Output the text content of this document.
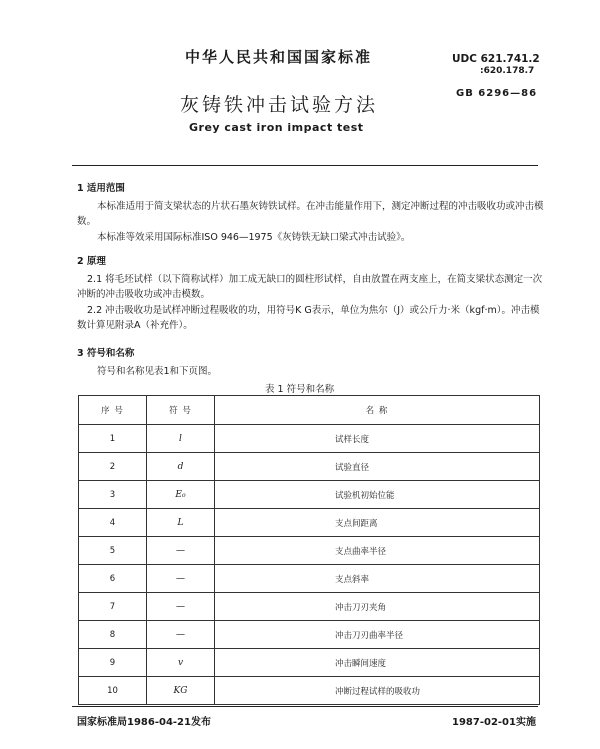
中华人民共和国国家标准	UDC 621.741.2
:620.178.7
GB 6296—86
灰铸铁冲击试验方法
Grey cast iron impact test
1 适用范围
本标准适用于简支梁状态的片状石墨灰铸铁试样。在冲击能量作用下，测定冲断过程的冲击吸收功或冲击模数。
本标准等效采用国际标准ISO 946—1975《灰铸铁无缺口梁式冲击试验》。
2 原理
2.1 将毛坯试样（以下简称试样）加工成无缺口的圆柱形试样，自由放置在两支座上，在简支梁状态测定一次冲断的冲击吸收功或冲击模数。
2.2 冲击吸收功是试样冲断过程吸收的功，用符号K G表示，单位为焦尔（J）或公斤力·米（kgf·m）。冲击模数计算见附录A（补充件）。
3 符号和名称
符号和名称见表1和下页图。
表 1 符号和名称
序 号	符 号	名 称
1	l	试样长度
2	d	试验直径
3	E₀	试验机初始位能
4	L	支点间距离
5	—	支点曲率半径
6	—	支点斜率
7	—	冲击刀刃夹角
8	—	冲击刀刃曲率半径
9	v	冲击瞬间速度
10	KG	冲断过程试样的吸收功
国家标准局1986-04-21发布	1987-02-01实施
